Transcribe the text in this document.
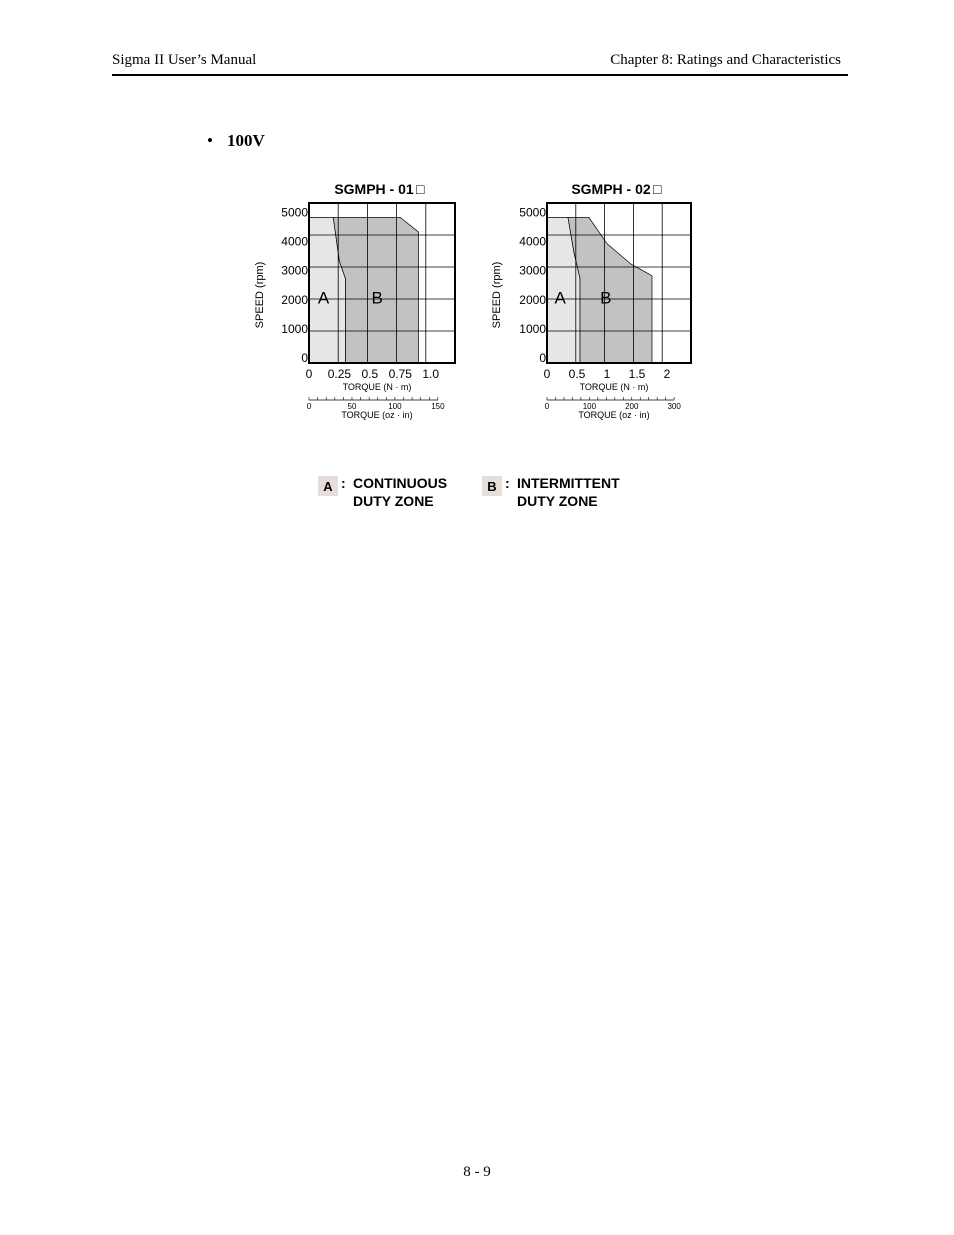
Sigma II User’s Manual	Chapter 8: Ratings and Characteristics
• 100V
SGMPH - 01 □
A B
0
1000
2000
3000
4000
5000
SPEED (rpm)
0 0.25 0.5 0.75 1.0
TORQUE (N · m)
0	50	100	150
TORQUE (oz · in)
SGMPH - 02 □
A B
0
1000
2000
3000
4000
5000
SPEED (rpm)
0 0.5 1 1.5 2
TORQUE (N · m)
0	100	200	300
TORQUE (oz · in)
A : CONTINUOUS
DUTY ZONE
B : INTERMITTENT
DUTY ZONE
8 - 9
